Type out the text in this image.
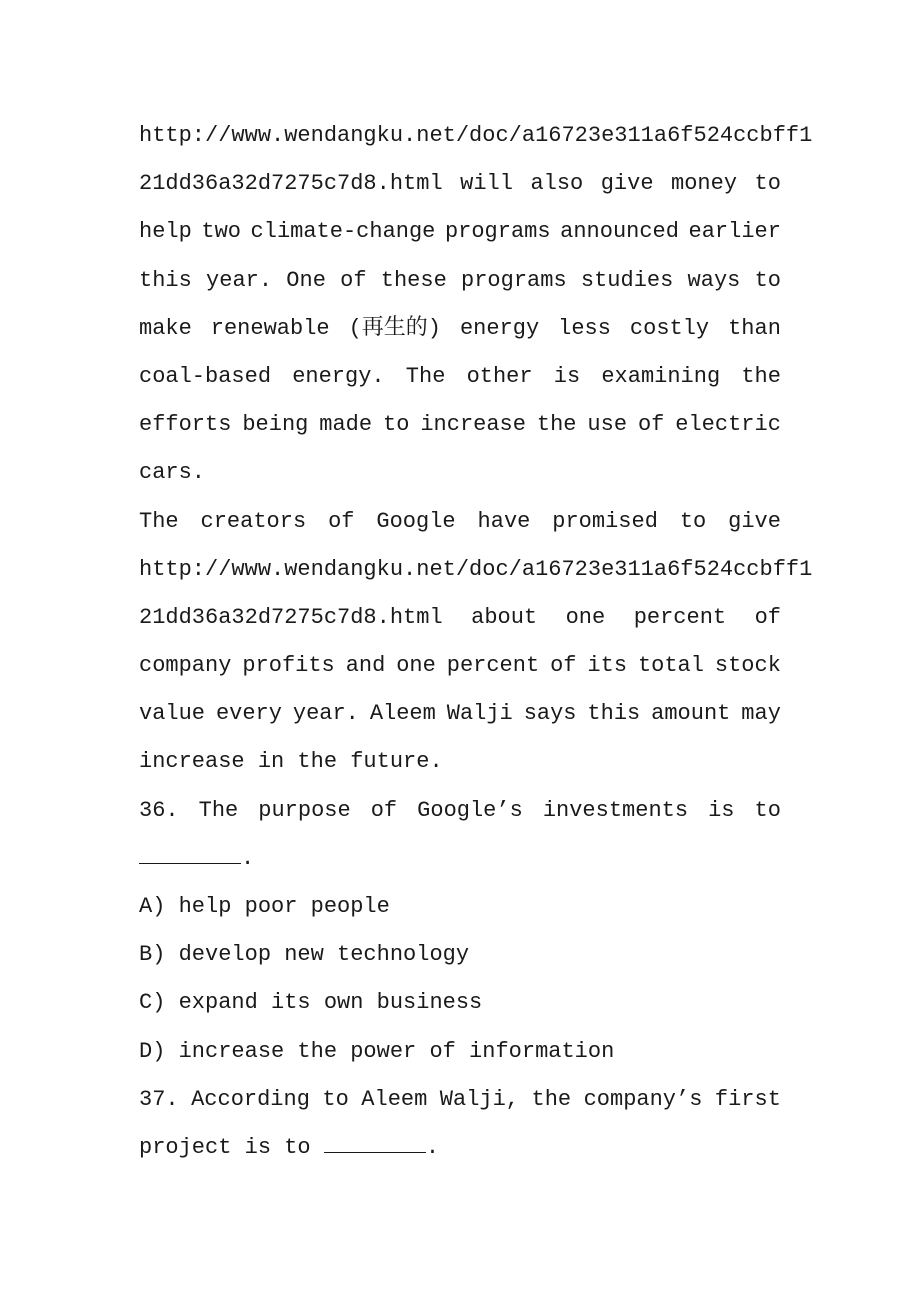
http://www.wendangku.net/doc/a16723e311a6f524ccbff1
21dd36a32d7275c7d8.html will also give money to
help two climate-change programs announced earlier
this year. One of these programs studies ways to
make renewable (再生的) energy less costly than
coal-based energy. The other is examining the
efforts being made to increase the use of electric
cars.
The creators of Google have promised to give
http://www.wendangku.net/doc/a16723e311a6f524ccbff1
21dd36a32d7275c7d8.html about one percent of
company profits and one percent of its total stock
value every year. Aleem Walji says this amount may
increase in the future.
36. The purpose of Google’s investments is to
.
A) help poor people
B) develop new technology
C) expand its own business
D) increase the power of information
37. According to Aleem Walji, the company’s first
project is to	.
